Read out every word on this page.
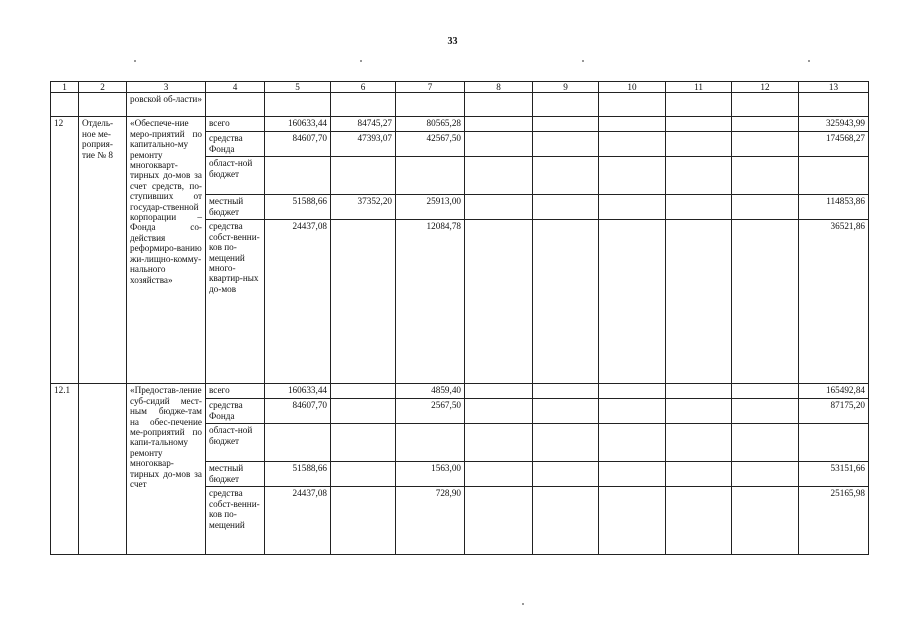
33
1	2	3	4	5	6	7	8	9	10	11	12	13
		ровской об-ласти»										
12	Отдель-ное ме-роприя-тие № 8	«Обеспече-ние меро-приятий по капитально-му ремонту многокварт-тирных до-мов за счет средств, по-ступивших от государ-ственной корпорации – Фонда со-действия реформиро-ванию жи-лищно-комму-нального хозяйства»	всего	160633,44	84745,27	80565,28						325943,99
			средства Фонда	84607,70	47393,07	42567,50						174568,27
			област-ной бюджет									
			местный бюджет	51588,66	37352,20	25913,00						114853,86
			средства собст-венни-ков по-мещений много-квартир-ных до-мов	24437,08		12084,78						36521,86
12.1		«Предостав-ление суб-сидий мест-ным бюдже-там на обес-печение ме-роприятий по капи-тальному ремонту многоквар-тирных до-мов за счет	всего	160633,44		4859,40						165492,84
			средства Фонда	84607,70		2567,50						87175,20
			област-ной бюджет									
			местный бюджет	51588,66		1563,00						53151,66
			средства собст-венни-ков по-мещений	24437,08		728,90						25165,98
